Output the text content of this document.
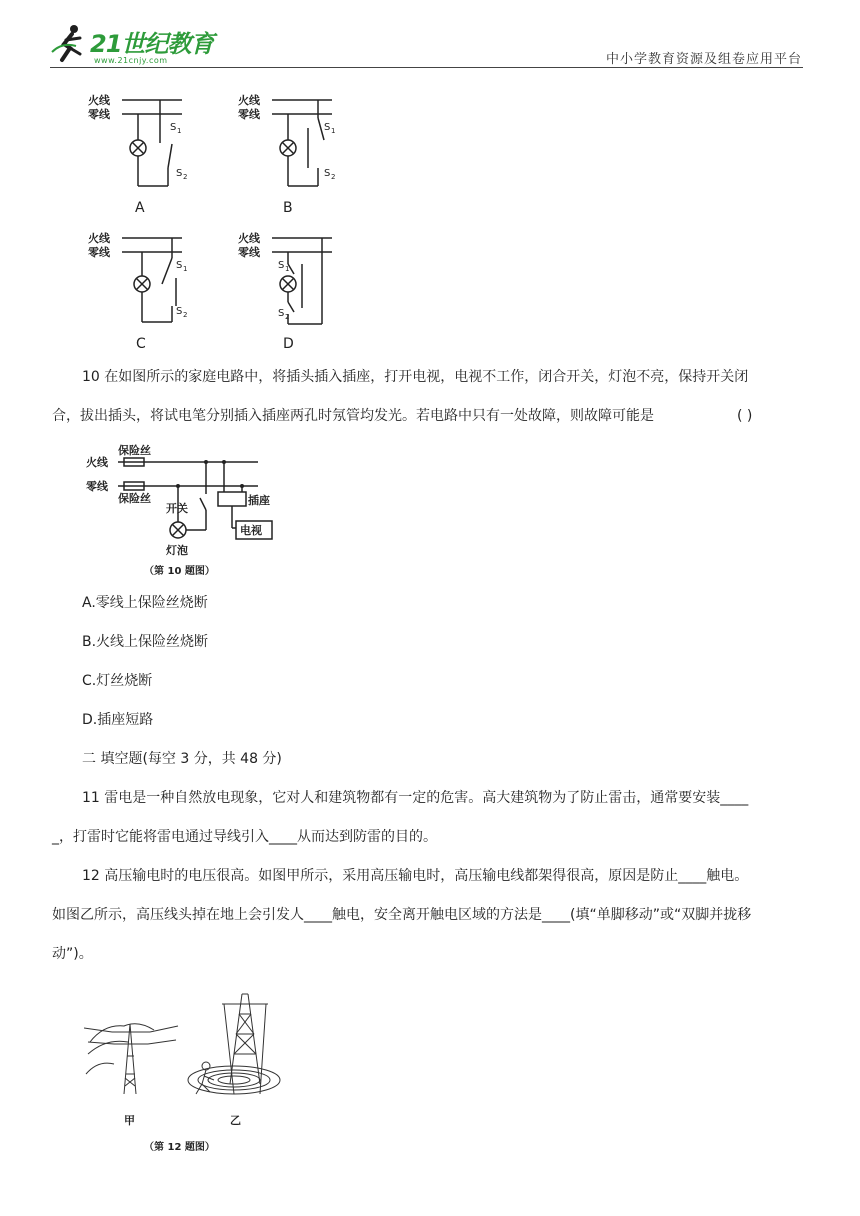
21世纪教育
www.21cnjy.com	中小学教育资源及组卷应用平台
火线
零线
火线
零线
火线
零线
火线
零线
S 1
S 2
S 1
S 2
S 1
S 2
S 1
S 2
A	B
C	D
10 在如图所示的家庭电路中，将插头插入插座，打开电视，电视不工作，闭合开关，灯泡不亮，保持开关闭
合，拔出插头，将试电笔分别插入插座两孔时氖管均发光。若电路中只有一处故障，则故障可能是	( )
火线
零线
保险丝
保险丝
开关
插座
电视
灯泡
（第 10 题图）
A.零线上保险丝烧断
B.火线上保险丝烧断
C.灯丝烧断
D.插座短路
二 填空题(每空 3 分，共 48 分)
11 雷电是一种自然放电现象，它对人和建筑物都有一定的危害。高大建筑物为了防止雷击，通常要安装____
_，打雷时它能将雷电通过导线引入____从而达到防雷的目的。
12 高压输电时的电压很高。如图甲所示，采用高压输电时，高压输电线都架得很高，原因是防止____触电。
如图乙所示，高压线头掉在地上会引发人____触电，安全离开触电区域的方法是____(填“单脚移动”或“双脚并拢移
动”)。
甲	乙
（第 12 题图）
